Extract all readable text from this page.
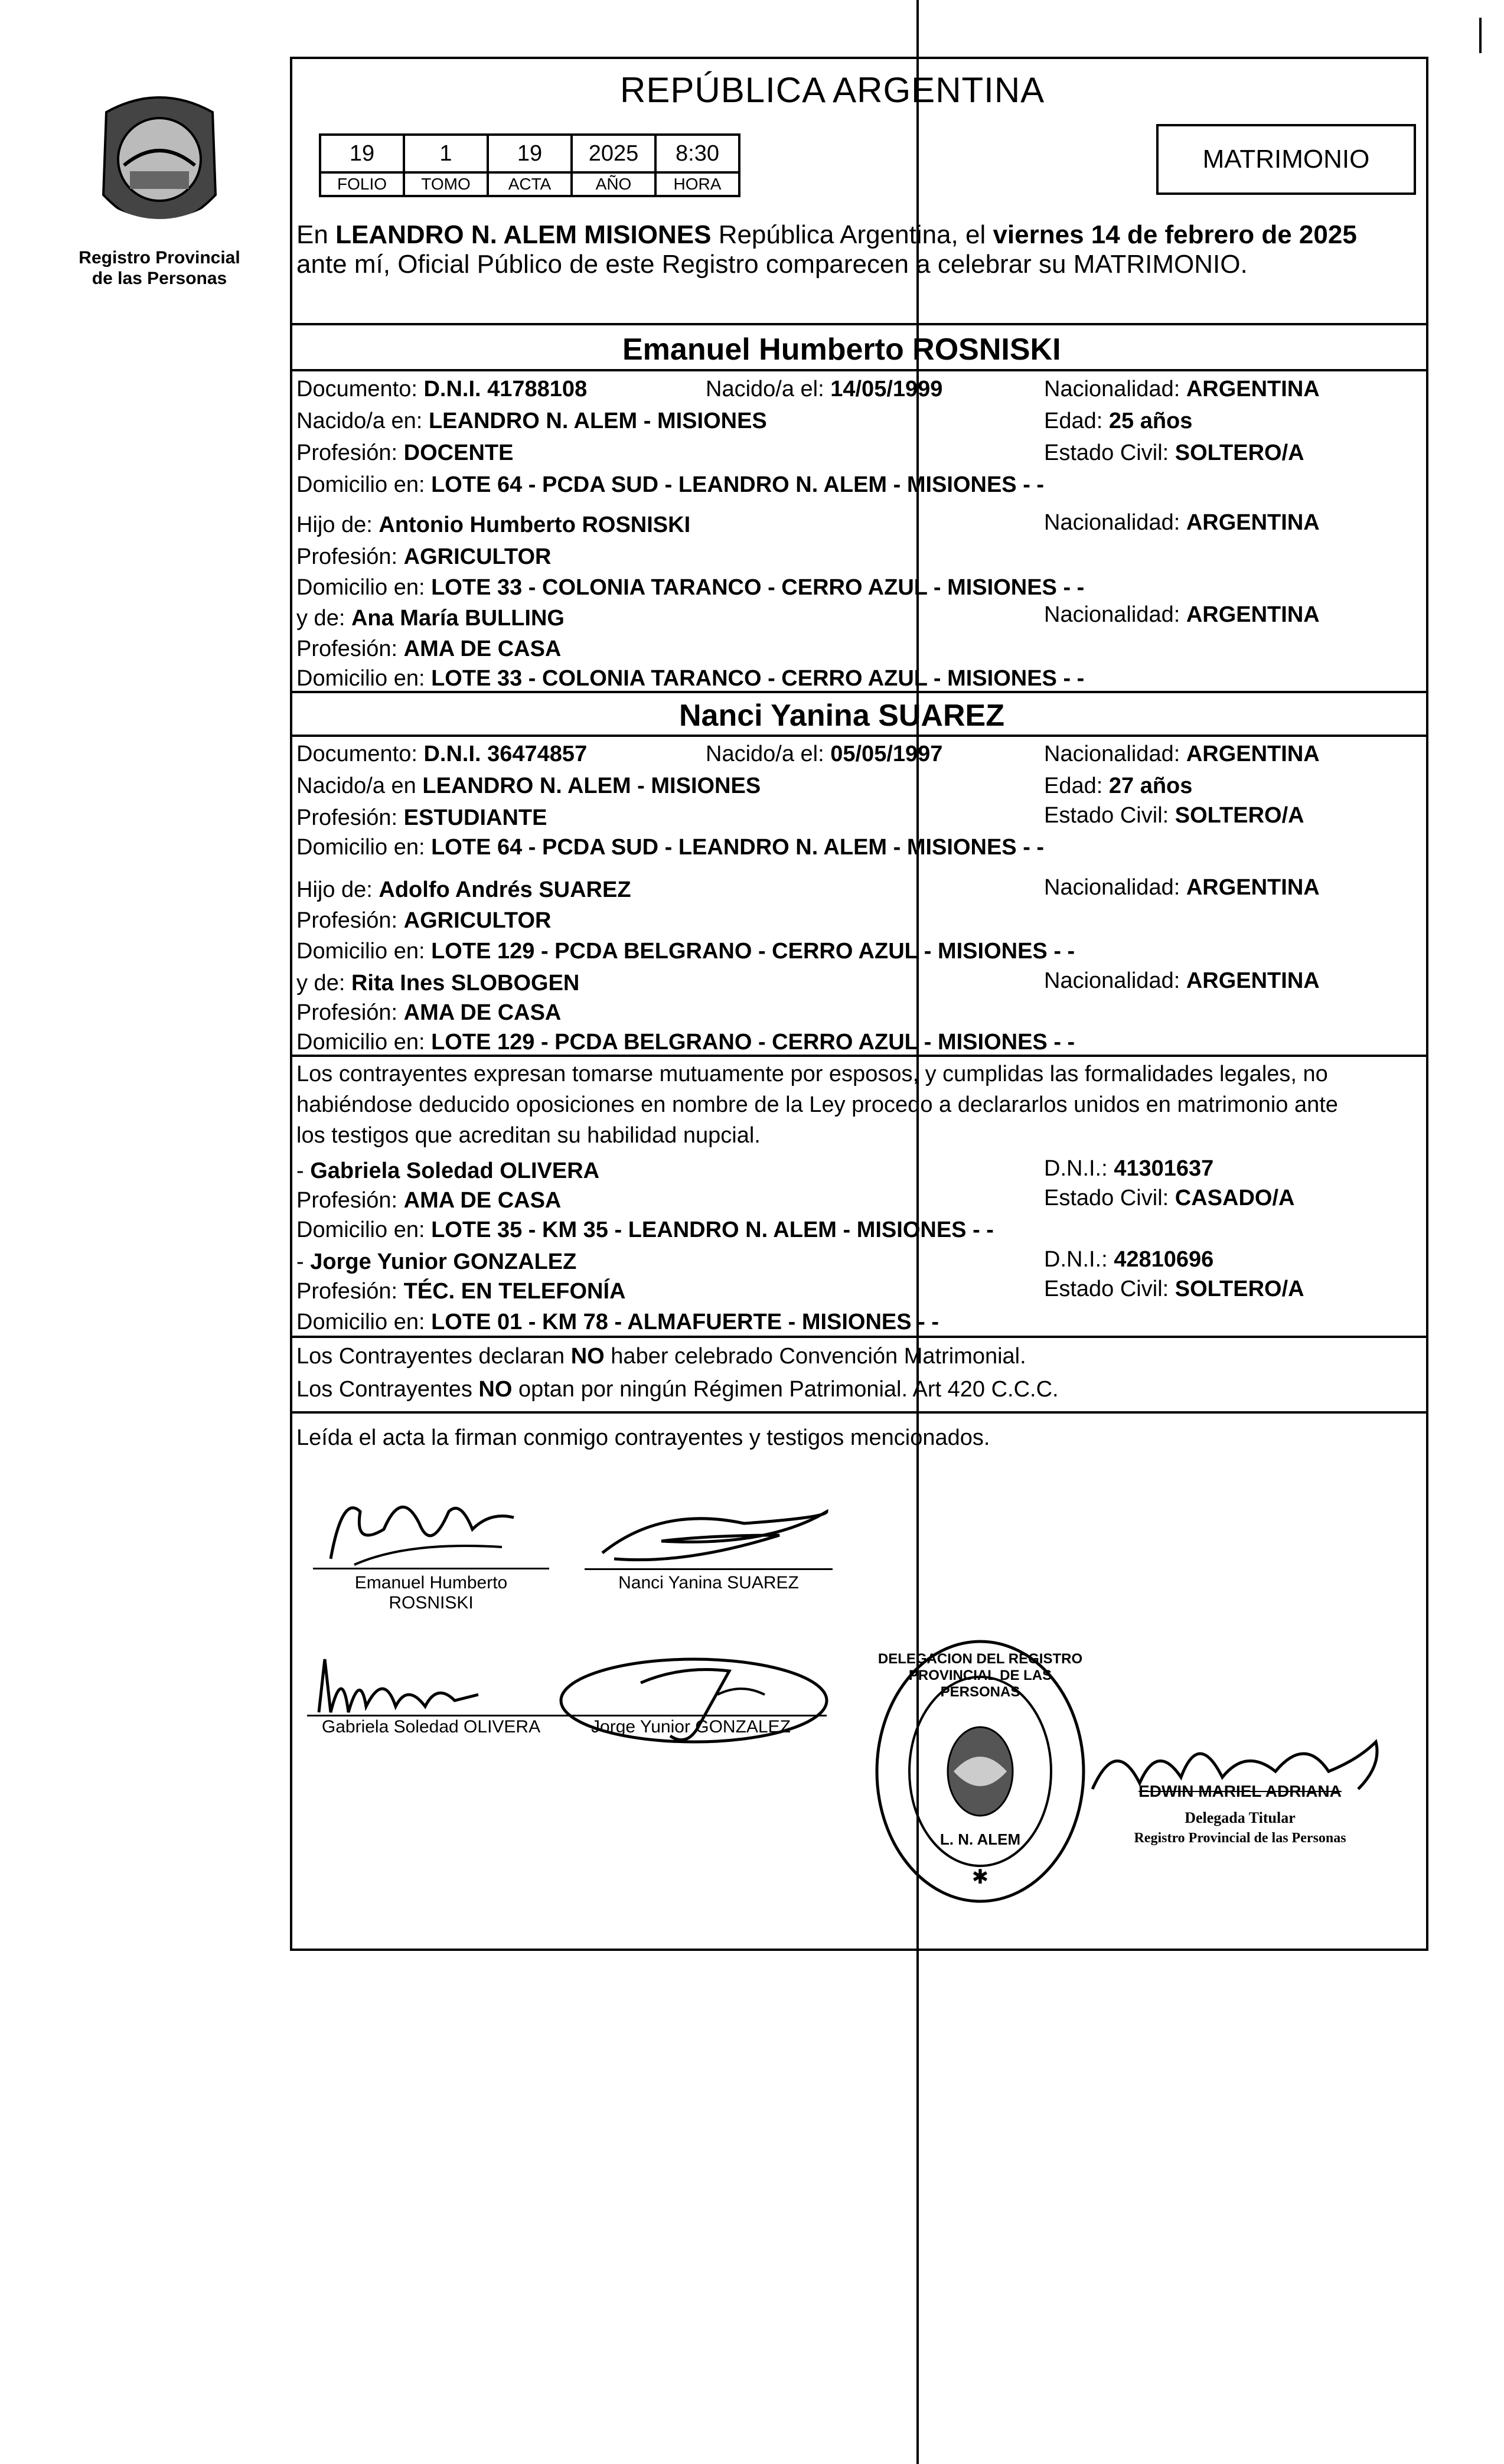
Registro Provincial
de las Personas
REPÚBLICA ARGENTINA
19	1	19	2025	8:30
FOLIO	TOMO	ACTA	AÑO	HORA
MATRIMONIO
En LEANDRO N. ALEM MISIONES República Argentina, el viernes 14 de febrero de 2025
ante mí, Oficial Público de este Registro comparecen a celebrar su MATRIMONIO.
Emanuel Humberto ROSNISKI
Documento: D.N.I. 41788108	Nacido/a el: 14/05/1999	Nacionalidad: ARGENTINA
Nacido/a en: LEANDRO N. ALEM - MISIONES	Edad: 25 años
Profesión: DOCENTE	Estado Civil: SOLTERO/A
Domicilio en: LOTE 64 - PCDA SUD - LEANDRO N. ALEM - MISIONES - -
Hijo de: Antonio Humberto ROSNISKI	Nacionalidad: ARGENTINA
Profesión: AGRICULTOR
Domicilio en: LOTE 33 - COLONIA TARANCO - CERRO AZUL - MISIONES - -
y de: Ana María BULLING	Nacionalidad: ARGENTINA
Profesión: AMA DE CASA
Domicilio en: LOTE 33 - COLONIA TARANCO - CERRO AZUL - MISIONES - -
Nanci Yanina SUAREZ
Documento: D.N.I. 36474857	Nacido/a el: 05/05/1997	Nacionalidad: ARGENTINA
Nacido/a en LEANDRO N. ALEM - MISIONES	Edad: 27 años
Profesión: ESTUDIANTE	Estado Civil: SOLTERO/A
Domicilio en: LOTE 64 - PCDA SUD - LEANDRO N. ALEM - MISIONES - -
Hijo de: Adolfo Andrés SUAREZ	Nacionalidad: ARGENTINA
Profesión: AGRICULTOR
Domicilio en: LOTE 129 - PCDA BELGRANO - CERRO AZUL - MISIONES - -
y de: Rita Ines SLOBOGEN	Nacionalidad: ARGENTINA
Profesión: AMA DE CASA
Domicilio en: LOTE 129 - PCDA BELGRANO - CERRO AZUL - MISIONES - -
Los contrayentes expresan tomarse mutuamente por esposos, y cumplidas las formalidades legales, no
habiéndose deducido oposiciones en nombre de la Ley procedo a declararlos unidos en matrimonio ante
los testigos que acreditan su habilidad nupcial.
- Gabriela Soledad OLIVERA	D.N.I.: 41301637
Profesión: AMA DE CASA	Estado Civil: CASADO/A
Domicilio en: LOTE 35 - KM 35 - LEANDRO N. ALEM - MISIONES - -
- Jorge Yunior GONZALEZ	D.N.I.: 42810696
Profesión: TÉC. EN TELEFONÍA	Estado Civil: SOLTERO/A
Domicilio en: LOTE 01 - KM 78 - ALMAFUERTE - MISIONES - -
Los Contrayentes declaran NO haber celebrado Convención Matrimonial.
Los Contrayentes NO optan por ningún Régimen Patrimonial. Art 420 C.C.C.
Leída el acta la firman conmigo contrayentes y testigos mencionados.
Emanuel Humberto
ROSNISKI
Nanci Yanina SUAREZ
Gabriela Soledad OLIVERA	Jorge Yunior GONZALEZ
✱
DELEGACION DEL REGISTRO PROVINCIAL DE LAS PERSONAS
L. N. ALEM
EDWIN MARIEL ADRIANA
Delegada Titular
Registro Provincial de las Personas
